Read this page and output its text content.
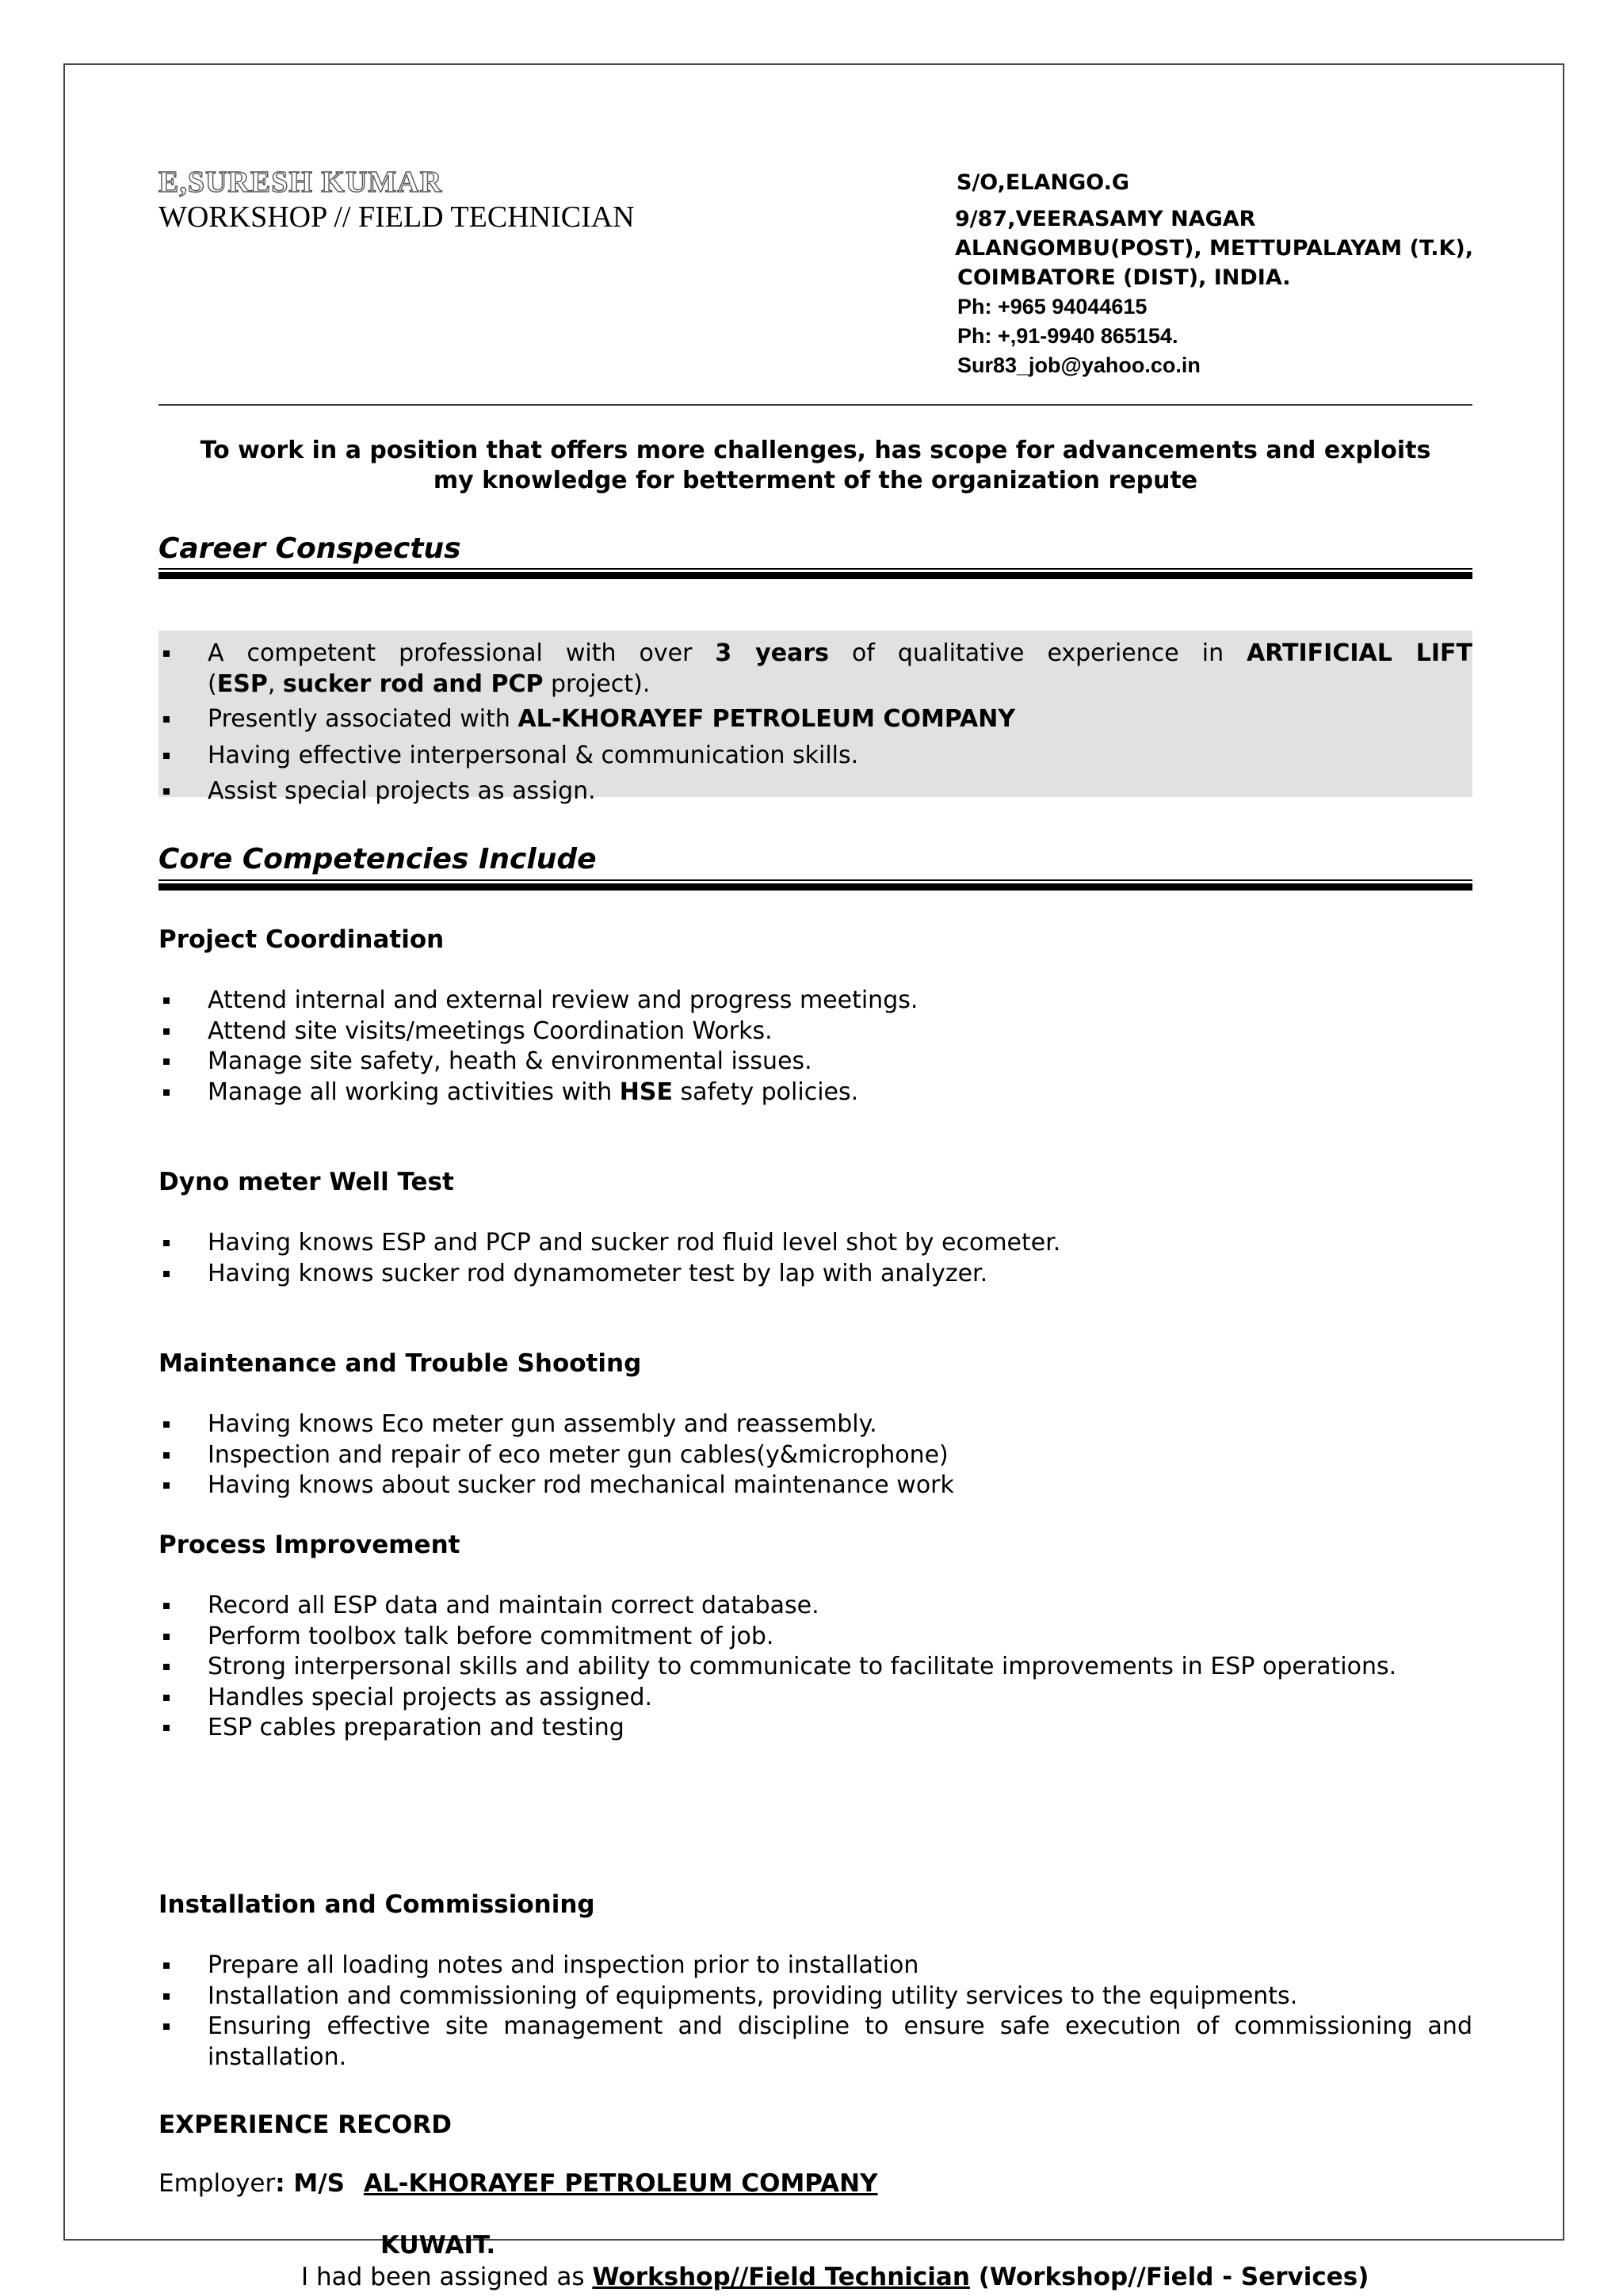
E,SURESH KUMAR
WORKSHOP // FIELD TECHNICIAN
S/O,ELANGO.G
9/87,VEERASAMY NAGAR
ALANGOMBU(POST), METTUPALAYAM (T.K),
COIMBATORE (DIST), INDIA.
Ph: +965 94044615
Ph: +,91-9940 865154.
Sur83_job@yahoo.co.in
To work in a position that offers more challenges, has scope for advancements and exploits
my knowledge for betterment of the organization repute
Career Conspectus
A competent professional with over 3 years of qualitative experience in ARTIFICIAL LIFT
(ESP, sucker rod and PCP project).
Presently associated with AL-KHORAYEF PETROLEUM COMPANY
Having effective interpersonal & communication skills.
Assist special projects as assign.
Core Competencies Include
Project Coordination
Attend internal and external review and progress meetings.
Attend site visits/meetings Coordination Works.
Manage site safety, heath & environmental issues.
Manage all working activities with HSE safety policies.
Dyno meter Well Test
Having knows ESP and PCP and sucker rod fluid level shot by ecometer.
Having knows sucker rod dynamometer test by lap with analyzer.
Maintenance and Trouble Shooting
Having knows Eco meter gun assembly and reassembly.
Inspection and repair of eco meter gun cables(y&microphone)
Having knows about sucker rod mechanical maintenance work
Process Improvement
Record all ESP data and maintain correct database.
Perform toolbox talk before commitment of job.
Strong interpersonal skills and ability to communicate to facilitate improvements in ESP operations.
Handles special projects as assigned.
ESP cables preparation and testing
Installation and Commissioning
Prepare all loading notes and inspection prior to installation
Installation and commissioning of equipments, providing utility services to the equipments.
Ensuring effective site management and discipline to ensure safe execution of commissioning and
installation.
EXPERIENCE RECORD
Employer: M/S AL-KHORAYEF PETROLEUM COMPANY
KUWAIT.
I had been assigned as Workshop//Field Technician (Workshop//Field - Services)
